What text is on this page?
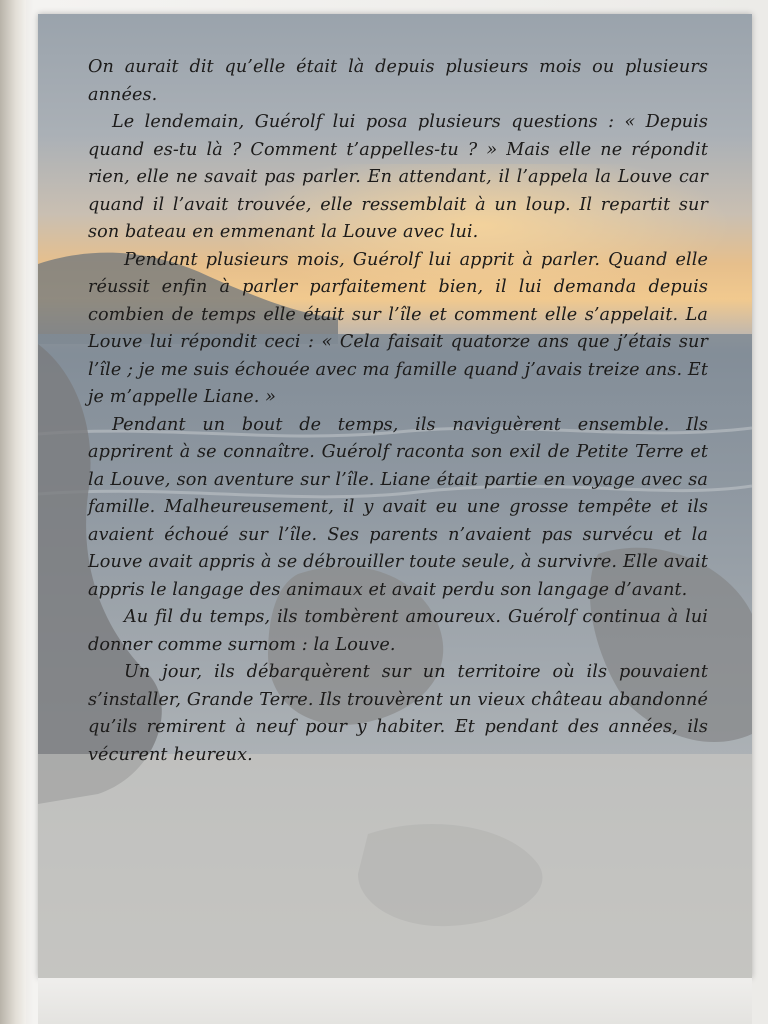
On aurait dit qu’elle était là depuis plusieurs mois ou plusieurs années.

Le lendemain, Guérolf lui posa plusieurs questions : « Depuis quand es-tu là ? Comment t’appelles-tu ? » Mais elle ne répondit rien, elle ne savait pas parler. En attendant, il l’appela la Louve car quand il l’avait trouvée, elle ressemblait à un loup. Il repartit sur son bateau en emmenant la Louve avec lui.

Pendant plusieurs mois, Guérolf lui apprit à parler. Quand elle réussit enfin à parler parfaitement bien, il lui demanda depuis combien de temps elle était sur l’île et comment elle s’appelait. La Louve lui répondit ceci : « Cela faisait quatorze ans que j’étais sur l’île ; je me suis échouée avec ma famille quand j’avais treize ans. Et je m’appelle Liane. »

Pendant un bout de temps, ils naviguèrent ensemble. Ils apprirent à se connaître. Guérolf raconta son exil de Petite Terre et la Louve, son aventure sur l’île. Liane était partie en voyage avec sa famille. Malheureusement, il y avait eu une grosse tempête et ils avaient échoué sur l’île. Ses parents n’avaient pas survécu et la Louve avait appris à se débrouiller toute seule, à survivre. Elle avait appris le langage des animaux et avait perdu son langage d’avant.

Au fil du temps, ils tombèrent amoureux. Guérolf continua à lui donner comme surnom : la Louve.

Un jour, ils débarquèrent sur un territoire où ils pouvaient s’installer, Grande Terre. Ils trouvèrent un vieux château abandonné qu’ils remirent à neuf pour y habiter. Et pendant des années, ils vécurent heureux.
